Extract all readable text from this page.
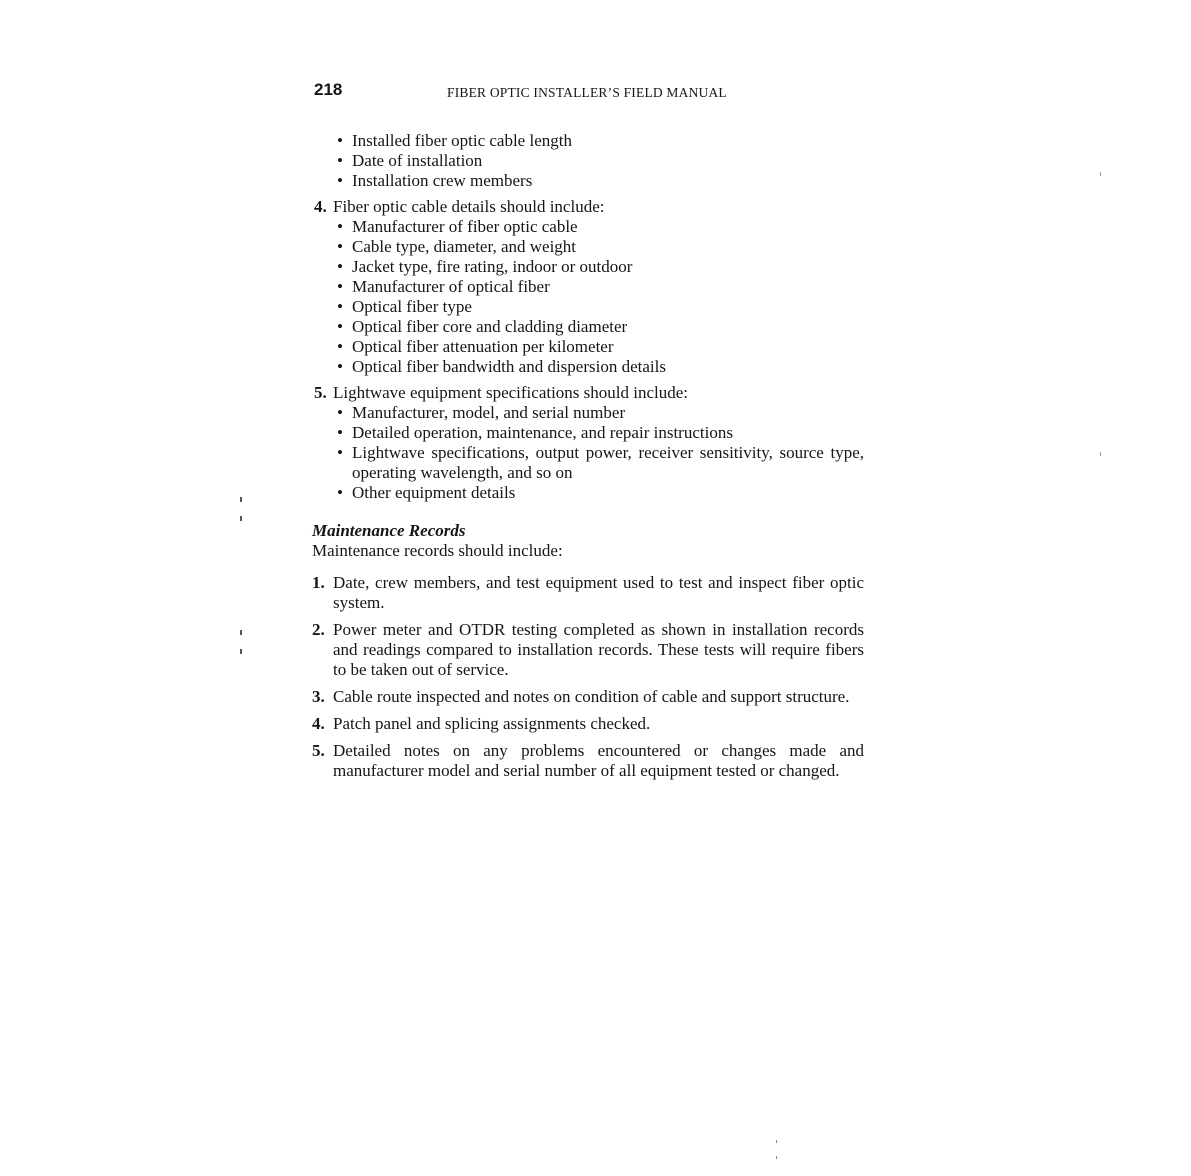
218	FIBER OPTIC INSTALLER’S FIELD MANUAL
• Installed fiber optic cable length
• Date of installation
• Installation crew members
4. Fiber optic cable details should include:
• Manufacturer of fiber optic cable
• Cable type, diameter, and weight
• Jacket type, fire rating, indoor or outdoor
• Manufacturer of optical fiber
• Optical fiber type
• Optical fiber core and cladding diameter
• Optical fiber attenuation per kilometer
• Optical fiber bandwidth and dispersion details
5. Lightwave equipment specifications should include:
• Manufacturer, model, and serial number
• Detailed operation, maintenance, and repair instructions
• Lightwave specifications, output power, receiver sensitivity, source type, operating wavelength, and so on
• Other equipment details
Maintenance Records
Maintenance records should include:
1. Date, crew members, and test equipment used to test and inspect fiber optic system.
2. Power meter and OTDR testing completed as shown in installation records and readings compared to installation records. These tests will require fibers to be taken out of service.
3. Cable route inspected and notes on condition of cable and support structure.
4. Patch panel and splicing assignments checked.
5. Detailed notes on any problems encountered or changes made and manufacturer model and serial number of all equipment tested or changed.
